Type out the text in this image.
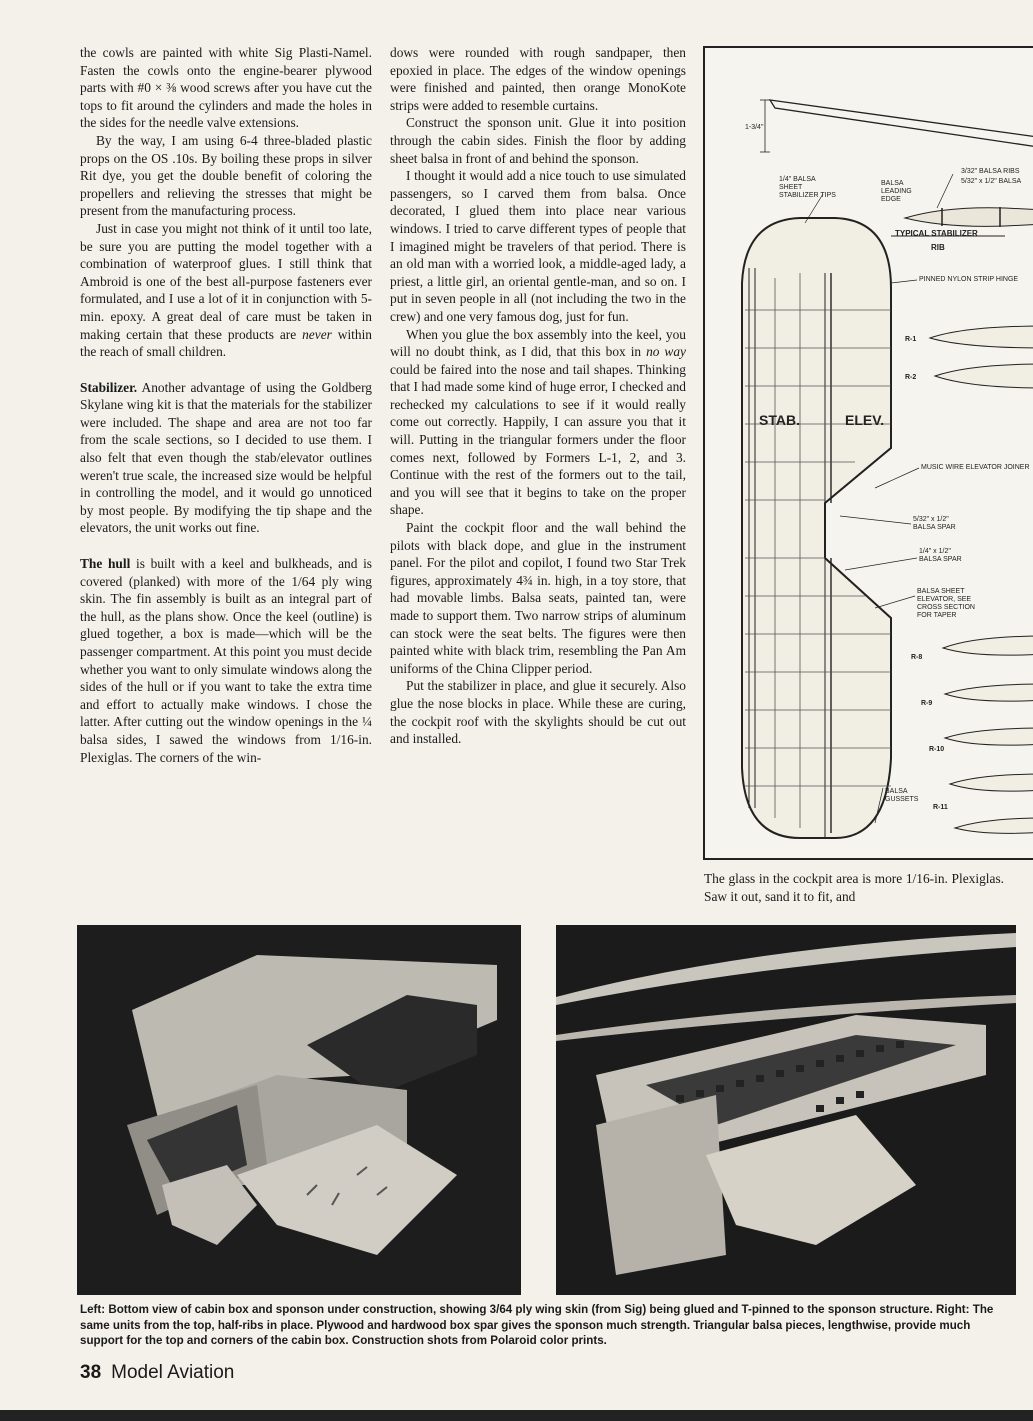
the cowls are painted with white Sig Plasti-Namel. Fasten the cowls onto the engine-bearer plywood parts with #0 × ⅜ wood screws after you have cut the tops to fit around the cylinders and made the holes in the sides for the needle valve extensions.

By the way, I am using 6-4 three-bladed plastic props on the OS .10s. By boiling these props in silver Rit dye, you get the double benefit of coloring the propellers and relieving the stresses that might be present from the manufacturing process.

Just in case you might not think of it until too late, be sure you are putting the model together with a combination of waterproof glues. I still think that Ambroid is one of the best all-purpose fasteners ever formulated, and I use a lot of it in conjunction with 5-min. epoxy. A great deal of care must be taken in making certain that these products are never within the reach of small children.

Stabilizer. Another advantage of using the Goldberg Skylane wing kit is that the materials for the stabilizer were included. The shape and area are not too far from the scale sections, so I decided to use them. I also felt that even though the stab/elevator outlines weren't true scale, the increased size would be helpful in controlling the model, and it would go unnoticed by most people. By modifying the tip shape and the elevators, the unit works out fine.

The hull is built with a keel and bulkheads, and is covered (planked) with more of the 1/64 ply wing skin. The fin assembly is built as an integral part of the hull, as the plans show. Once the keel (outline) is glued together, a box is made—which will be the passenger compartment. At this point you must decide whether you want to only simulate windows along the sides of the hull or if you want to take the extra time and effort to actually make windows. I chose the latter. After cutting out the window openings in the ¼ balsa sides, I sawed the windows from 1/16-in. Plexiglas. The corners of the win-

dows were rounded with rough sandpaper, then epoxied in place. The edges of the window openings were finished and painted, then orange MonoKote strips were added to resemble curtains.

Construct the sponson unit. Glue it into position through the cabin sides. Finish the floor by adding sheet balsa in front of and behind the sponson.

I thought it would add a nice touch to use simulated passengers, so I carved them from balsa. Once decorated, I glued them into place near various windows. I tried to carve different types of people that I imagined might be travelers of that period. There is an old man with a worried look, a middle-aged lady, a priest, a little girl, an oriental gentle-man, and so on. I put in seven people in all (not including the two in the crew) and one very famous dog, just for fun.

When you glue the box assembly into the keel, you will no doubt think, as I did, that this box in no way could be faired into the nose and tail shapes. Thinking that I had made some kind of huge error, I checked and rechecked my calculations to see if it would really come out correctly. Happily, I can assure you that it will. Putting in the triangular formers under the floor comes next, followed by Formers L-1, 2, and 3. Continue with the rest of the formers out to the tail, and you will see that it begins to take on the proper shape.

Paint the cockpit floor and the wall behind the pilots with black dope, and glue in the instrument panel. For the pilot and copilot, I found two Star Trek figures, approximately 4¾ in. high, in a toy store, that had movable limbs. Balsa seats, painted tan, were made to support them. Two narrow strips of aluminum can stock were the seat belts. The figures were then painted white with black trim, resembling the Pan Am uniforms of the China Clipper period.

Put the stabilizer in place, and glue it securely. Also glue the nose blocks in place. While these are curing, the cockpit roof with the skylights should be cut out and installed.

The glass in the cockpit area is more 1/16-in. Plexiglas. Saw it out, sand it to fit, and

1-3/4"
1/4" BALSA SHEET STABILIZER TIPS
BALSA LEADING EDGE
3/32" BALSA RIBS
5/32" x 1/2" BALSA
TYPICAL STABILIZER
RIB
PINNED NYLON STRIP HINGE
STAB.	ELEV.
MUSIC WIRE ELEVATOR JOINER
5/32" x 1/2" BALSA SPAR
1/4" x 1/2" BALSA SPAR
BALSA SHEET ELEVATOR, SEE CROSS SECTION FOR TAPER
BALSA GUSSETS
R-1
R-2
R-8
R-9
R-10
R-11
Left: Bottom view of cabin box and sponson under construction, showing 3/64 ply wing skin (from Sig) being glued and T-pinned to the sponson structure. Right: The same units from the top, half-ribs in place. Plywood and hardwood box spar gives the sponson much strength. Triangular balsa pieces, lengthwise, provide much support for the top and corners of the cabin box. Construction shots from Polaroid color prints.
38 Model Aviation
